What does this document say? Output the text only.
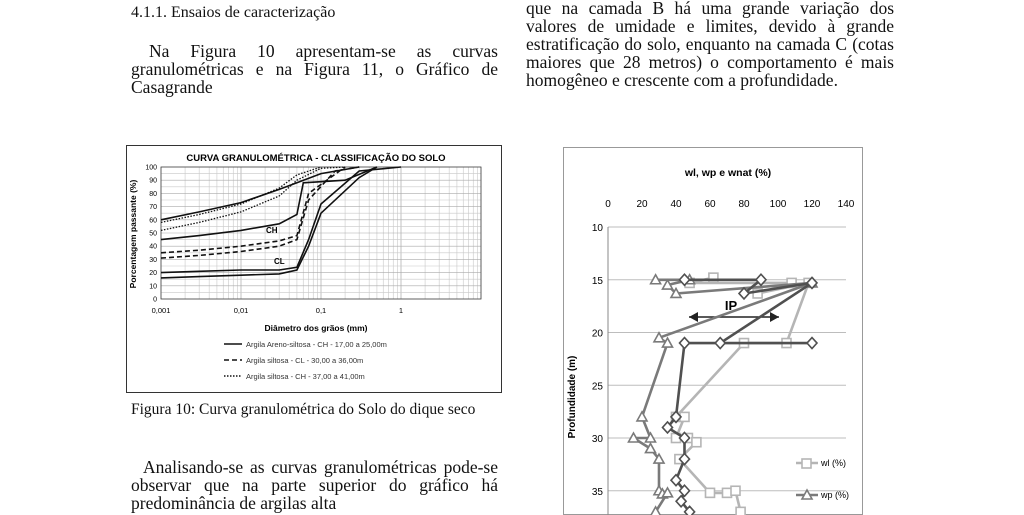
4.1.1. Ensaios de caracterização

Na Figura 10 apresentam-se as curvas granulométricas e na Figura 11, o Gráfico de Casagrande

que na camada B há uma grande variação dos valores de umidade e limites, devido à grande estratificação do solo, enquanto na camada C (cotas maiores que 28 metros) o comportamento é mais homogêneo e crescente com a profundidade.

CURVA GRANULOMÉTRICA - CLASSIFICAÇÃO DO SOLO
0
10
20
30
40
50
60
70
80
90
100
0,001	0,01	0,1	1
Diâmetro dos grãos (mm)
Porcentagem passante (%)	CH
CL
Argila Areno-siltosa - CH - 17,00 a 25,00m
Argila siltosa - CL - 30,00 a 36,00m
Argila siltosa - CH - 37,00 a 41,00m
Figura 10: Curva granulométrica do Solo do dique seco

Analisando-se as curvas granulométricas pode-se observar que na parte superior do gráfico há predominância de argilas alta

wl, wp e wnat (%)
Profundidade (m)
10
15
20
25
30
35
0	20 40 60 80 100 120 140
IP
wl (%)
wp (%)
